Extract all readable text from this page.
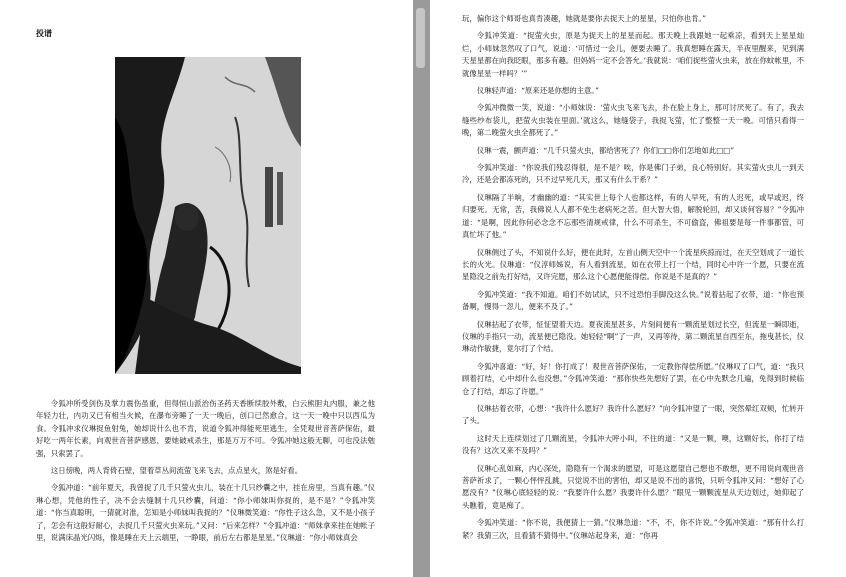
投谱

令狐冲所受剑伤及掌力震伤虽重，但得恒山派治伤圣药天香断续胶外敷，白云熊胆丸内服，兼之他年轻力壮，内功又已有相当火候，在瀑布旁睡了一天一晚后，创口已然愈合，这一天一晚中只以西瓜为食。令狐冲求仪琳捉鱼射兔，她却说什么也不肯，说道令狐冲得能死里逃生，全凭观世音菩萨保佑，最好吃一两年长素，向观世音菩萨感恩，要她破戒杀生，那是万万不可。令狐冲她这般无聊，可也没法勉强，只索罢了。

这日傍晚，两人背倚石壁，望着草丛间流萤飞来飞去，点点星火，煞是好看。

令狐冲道：“前年夏天，我曾捉了几千只萤火虫儿，装在十几只纱囊之中，挂在房里，当真有趣。”仪琳心想，凭他的性子，决不会去缝制十几只纱囊，问道：“你小师妹叫你捉的，是不是？”令狐冲笑道：“你当真聪明，一猜就对准，怎知是小师妹叫我捉的？”仪琳微笑道：“你性子这么急，又不是小孩子了，怎会有这般好耐心，去捉几千只萤火虫来玩。”又问：“后来怎样？”令狐冲道：“师妹拿来挂在她帐子里，说满床晶光闪烁，像是睡在天上云端里，一睁眼，前后左右都是星星。”仪琳道：“你小师妹真会

玩，偏你这个师哥也真肯凑趣，她就是要你去捉天上的星星，只怕你也肯。”

令狐冲笑道：“捉萤火虫，原是为捉天上的星星而起。那天晚上我跟她一起乘凉，看到天上星星灿烂，小师妹忽然叹了口气，说道：‘可惜过一会儿，便要去睡了。我真想睡在露天，半夜里醒来，见到满天星星都在向我眨眼，那多有趣。但妈妈一定不会答允。’我就说：‘咱们捉些萤火虫来，放在你蚊帐里，不就像星星一样吗？’”

仪琳轻声道：“原来还是你想的主意。”

令狐冲微微一笑，说道：“小师妹说：‘萤火虫飞来飞去，扑在脸上身上，那可讨厌死了。有了，我去缝些纱布袋儿，把萤火虫装在里面。’就这么，她缝袋子，我捉飞萤，忙了整整一天一晚。可惜只看得一晚，第二晚萤火虫全都死了。”

仪琳一震，颤声道：“几千只萤火虫，都给害死了？你们□□你们怎地如此□□”

令狐冲笑道：“你说我们残忍得很，是不是？唉，你是佛门子弟，良心特别好。其实萤火虫儿一到天冷，还是会都冻死的，只不过早死几天，那又有什么干系？”

仪琳隔了半晌，才幽幽的道：“其实世上每个人也都这样，有的人早死，有的人迟死，或早或迟，终归要死。无常，苦，我佛说人人都不免生老病死之苦。但大智大悟，解脱轮回，却又谈何容易？”令狐冲道：“是啊，因此你何必念念不忘那些清规戒律，什么不可杀生，不可偷盗，佛祖要是每一件事都管，可真忙坏了他。”

仪琳侧过了头，不知说什么好，便在此时，左首山侧天空中一个流星疾掠而过，在天空划成了一道长长的火光。仪琳道：“仪淳师姊说，有人看到流星，如在衣带上打一个结，同时心中许一个愿，只要在流星隐没之前先打好结，又许完愿，那么这个心愿便能得偿。你说是不是真的？”

令狐冲笑道：“我不知道。咱们不妨试试，只不过恐怕手脚没这么快。”说着拈起了衣带，道：“你也预备啊，慢得一忽儿，便来不及了。”

仪琳拈起了衣带，怔怔望着天边。夏夜流星甚多，片刻间便有一颗流星划过长空，但流星一瞬即逝，仪琳的手指只一动，流星便已隐没。她轻轻“啊”了一声，又再等待，第二颗流星自西至东，拖曳甚长，仪琳动作敏捷，竟尔打了个结。

令狐冲喜道：“好，好！你打成了！观世音菩萨保佑，一定教你得偿所愿。”仪琳叹了口气，道：“我只顾着打结，心中却什么也没想。”令狐冲笑道：“那你快些先想好了罢，在心中先默念几遍，免得到时候临仓了打结，却忘了许愿。”

仪琳拈着衣带，心想：“我许什么愿好？我许什么愿好？”向令狐冲望了一眼，突然晕红双颊，忙转开了头。

这时天上连续划过了几颗流星，令狐冲大呼小叫，不住的道：“又是一颗，噢，这颗好长，你打了结没有？这次又来不及吗？”

仪琳心乱如麻，内心深处，隐隐有一个渴求的愿望，可是这愿望自己想也不敢想，更不用说向观世音菩萨祈求了，一颗心怦怦乱跳，只觉说不出的害怕，却又是说不出的喜悦，只听令狐冲又问：“想好了心愿没有？”仪琳心底轻轻的说：“我要许什么愿？我要许什么愿？”眼见一颗颗流星从天边划过，她仰起了头瞧着，竟是痴了。

令狐冲笑道：“你不说，我便猜上一猜。”仪琳急道：“不，不，你不许说。”令狐冲笑道：“那有什么打紧？我猜三次，且看猜不猜得中。”仪琳站起身来，道：“你再
